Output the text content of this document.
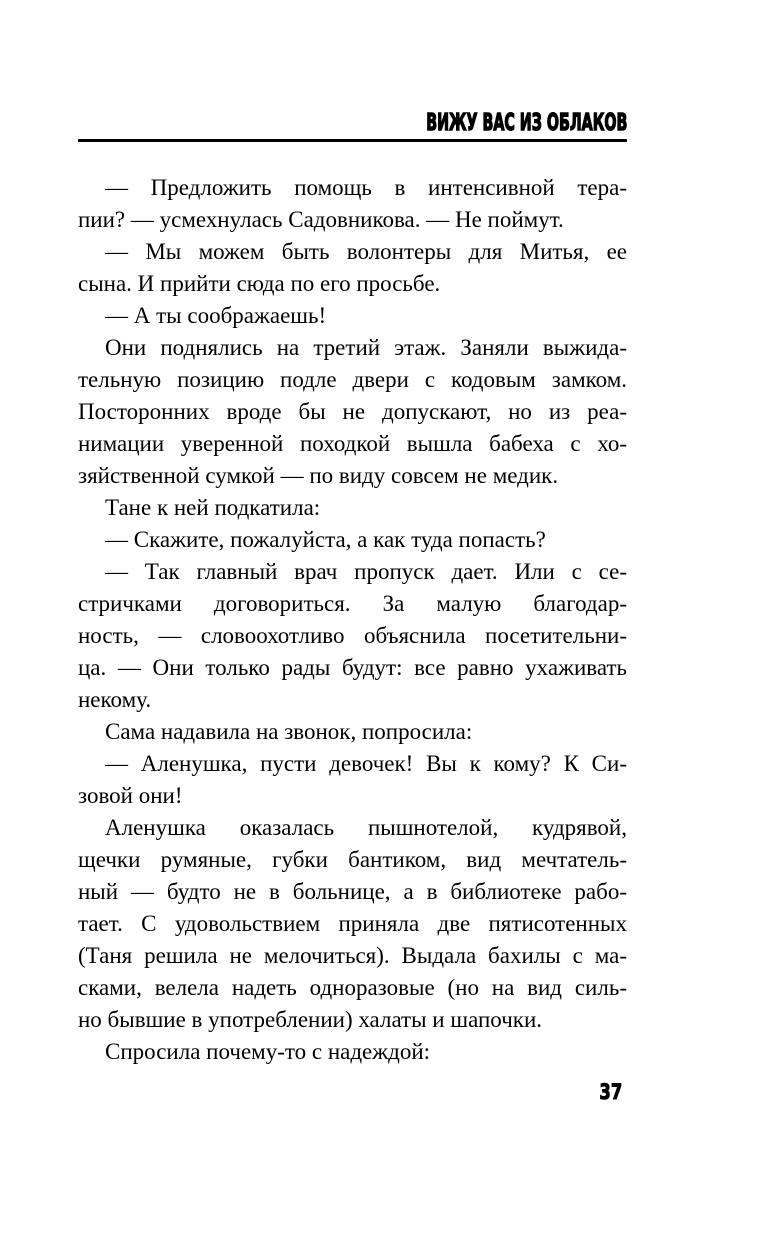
ВИЖУ ВАС ИЗ ОБЛАКОВ
— Предложить помощь в интенсивной тера-
пии? — усмехнулась Садовникова. — Не поймут.
— Мы можем быть волонтеры для Митья, ее
сына. И прийти сюда по его просьбе.
— А ты соображаешь!
Они поднялись на третий этаж. Заняли выжида-
тельную позицию подле двери с кодовым замком.
Посторонних вроде бы не допускают, но из реа-
нимации уверенной походкой вышла бабеха с хо-
зяйственной сумкой — по виду совсем не медик.
Тане к ней подкатила:
— Скажите, пожалуйста, а как туда попасть?
— Так главный врач пропуск дает. Или с се-
стричками договориться. За малую благодар-
ность, — словоохотливо объяснила посетительни-
ца. — Они только рады будут: все равно ухаживать
некому.
Сама надавила на звонок, попросила:
— Аленушка, пусти девочек! Вы к кому? К Си-
зовой они!
Аленушка оказалась пышнотелой, кудрявой,
щечки румяные, губки бантиком, вид мечтатель-
ный — будто не в больнице, а в библиотеке рабо-
тает. С удовольствием приняла две пятисотенных
(Таня решила не мелочиться). Выдала бахилы с ма-
сками, велела надеть одноразовые (но на вид силь-
но бывшие в употреблении) халаты и шапочки.
Спросила почему-то с надеждой:
37
